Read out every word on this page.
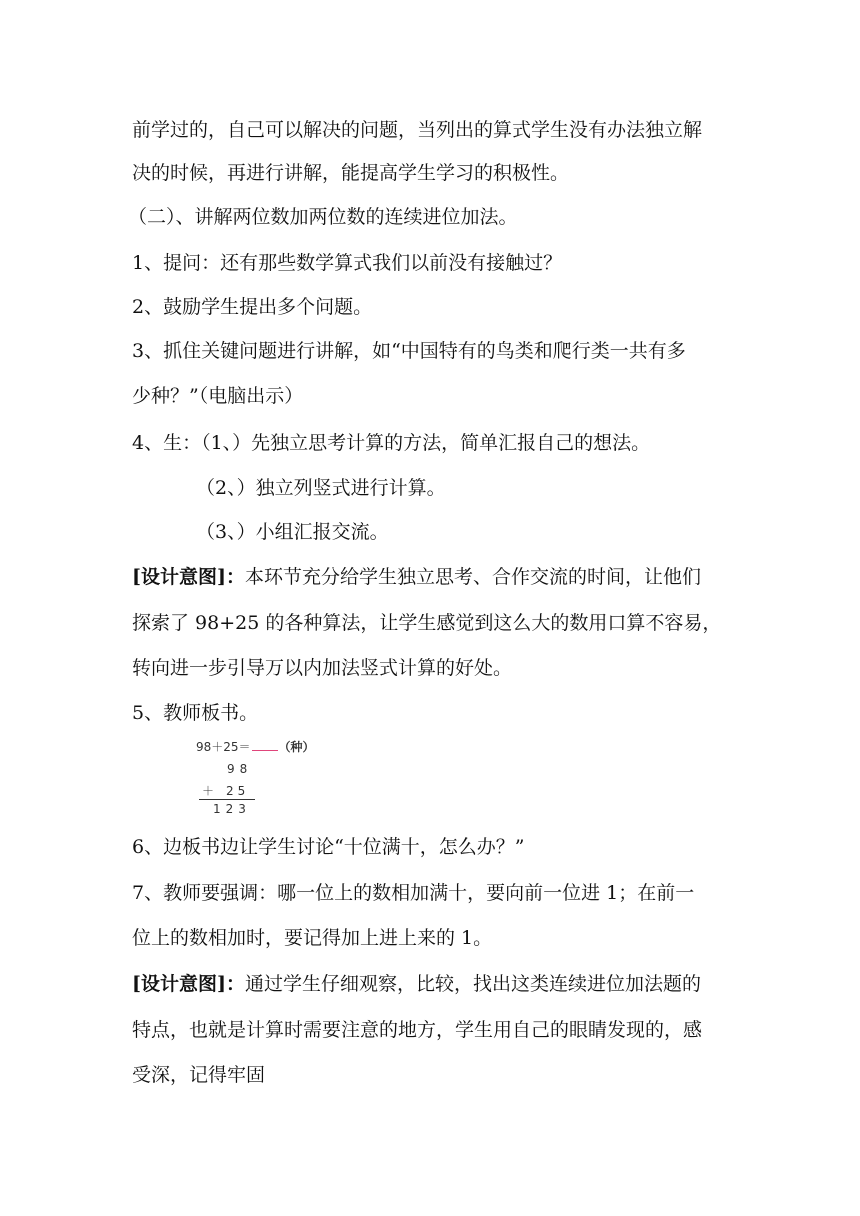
前学过的，自己可以解决的问题，当列出的算式学生没有办法独立解
决的时候，再进行讲解，能提高学生学习的积极性。
（二）、讲解两位数加两位数的连续进位加法。
1、提问：还有那些数学算式我们以前没有接触过？
2、鼓励学生提出多个问题。
3、抓住关键问题进行讲解，如“中国特有的鸟类和爬行类一共有多
少种？”（电脑出示）
4、生：（1、）先独立思考计算的方法，简单汇报自己的想法。
（2、）独立列竖式进行计算。
（3、）小组汇报交流。
[设计意图]：本环节充分给学生独立思考、合作交流的时间，让他们
探索了 98+25 的各种算法，让学生感觉到这么大的数用口算不容易，
转向进一步引导万以内加法竖式计算的好处。
5、教师板书。
98＋25＝ （种）
98
＋ 25
123
6、边板书边让学生讨论“十位满十，怎么办？”
7、教师要强调：哪一位上的数相加满十，要向前一位进 1；在前一
位上的数相加时，要记得加上进上来的 1。
[设计意图]：通过学生仔细观察，比较，找出这类连续进位加法题的
特点，也就是计算时需要注意的地方，学生用自己的眼睛发现的，感
受深，记得牢固
